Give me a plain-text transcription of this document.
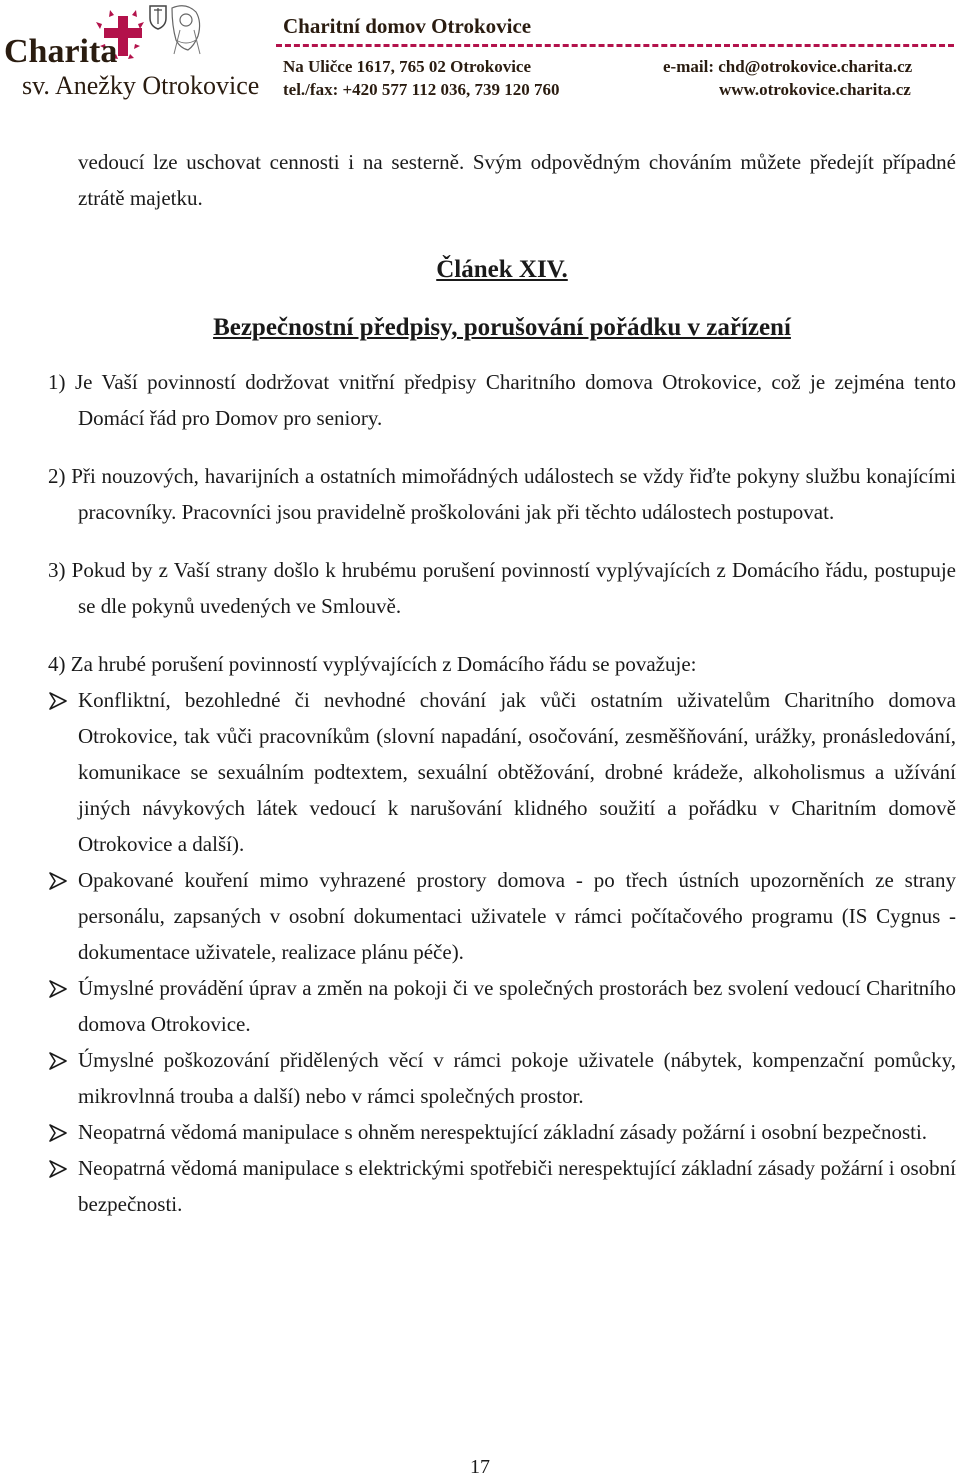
Charita
sv. Anežky Otrokovice
Charitní domov Otrokovice
Na Uličce 1617, 765 02 Otrokovice
tel./fax: +420 577 112 036, 739 120 760
e-mail: chd@otrokovice.charita.cz
www.otrokovice.charita.cz

vedoucí lze uschovat cennosti i na sesterně. Svým odpovědným chováním můžete předejít případné ztrátě majetku.

Článek XIV.
Bezpečnostní předpisy, porušování pořádku v zařízení

1) Je Vaší povinností dodržovat vnitřní předpisy Charitního domova Otrokovice, což je zejména tento Domácí řád pro Domov pro seniory.

2) Při nouzových, havarijních a ostatních mimořádných událostech se vždy řiďte pokyny službu konajícími pracovníky. Pracovníci jsou pravidelně proškolováni jak při těchto událostech postupovat.

3) Pokud by z Vaší strany došlo k hrubému porušení povinností vyplývajících z Domácího řádu, postupuje se dle pokynů uvedených ve Smlouvě.

4) Za hrubé porušení povinností vyplývajících z Domácího řádu se považuje:

Konfliktní, bezohledné či nevhodné chování jak vůči ostatním uživatelům Charitního domova Otrokovice, tak vůči pracovníkům (slovní napadání, osočování, zesměšňování, urážky, pronásledování, komunikace se sexuálním podtextem, sexuální obtěžování, drobné krádeže, alkoholismus a užívání jiných návykových látek vedoucí k narušování klidného soužití a pořádku v Charitním domově Otrokovice a další).
Opakované kouření mimo vyhrazené prostory domova - po třech ústních upozorněních ze strany personálu, zapsaných v osobní dokumentaci uživatele v rámci počítačového programu (IS Cygnus - dokumentace uživatele, realizace plánu péče).
Úmyslné provádění úprav a změn na pokoji či ve společných prostorách bez svolení vedoucí Charitního domova Otrokovice.
Úmyslné poškozování přidělených věcí v rámci pokoje uživatele (nábytek, kompenzační pomůcky, mikrovlnná trouba a další) nebo v rámci společných prostor.
Neopatrná vědomá manipulace s ohněm nerespektující základní zásady požární i osobní bezpečnosti.
Neopatrná vědomá manipulace s elektrickými spotřebiči nerespektující základní zásady požární i osobní bezpečnosti.
17
